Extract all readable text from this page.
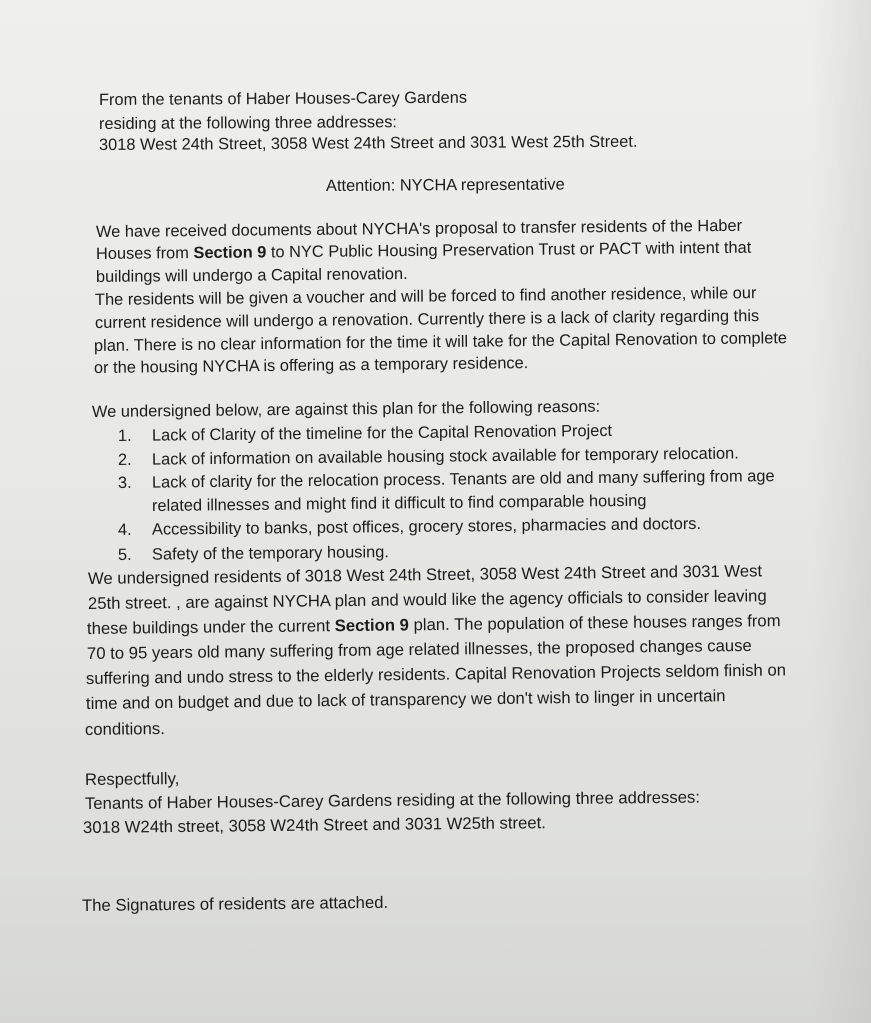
From the tenants of Haber Houses-Carey Gardens
residing at the following three addresses:
3018 West 24th Street, 3058 West 24th Street and 3031 West 25th Street.
Attention: NYCHA representative
We have received documents about NYCHA's proposal to transfer residents of the Haber
Houses from Section 9 to NYC Public Housing Preservation Trust or PACT with intent that
buildings will undergo a Capital renovation.
The residents will be given a voucher and will be forced to find another residence, while our
current residence will undergo a renovation. Currently there is a lack of clarity regarding this
plan. There is no clear information for the time it will take for the Capital Renovation to complete
or the housing NYCHA is offering as a temporary residence.
We undersigned below, are against this plan for the following reasons:
1. Lack of Clarity of the timeline for the Capital Renovation Project
2. Lack of information on available housing stock available for temporary relocation.
3. Lack of clarity for the relocation process. Tenants are old and many suffering from age
related illnesses and might find it difficult to find comparable housing
4. Accessibility to banks, post offices, grocery stores, pharmacies and doctors.
5. Safety of the temporary housing.
We undersigned residents of 3018 West 24th Street, 3058 West 24th Street and 3031 West
25th street. , are against NYCHA plan and would like the agency officials to consider leaving
these buildings under the current Section 9 plan. The population of these houses ranges from
70 to 95 years old many suffering from age related illnesses, the proposed changes cause
suffering and undo stress to the elderly residents. Capital Renovation Projects seldom finish on
time and on budget and due to lack of transparency we don't wish to linger in uncertain
conditions.
Respectfully,
Tenants of Haber Houses-Carey Gardens residing at the following three addresses:
3018 W24th street, 3058 W24th Street and 3031 W25th street.
The Signatures of residents are attached.
